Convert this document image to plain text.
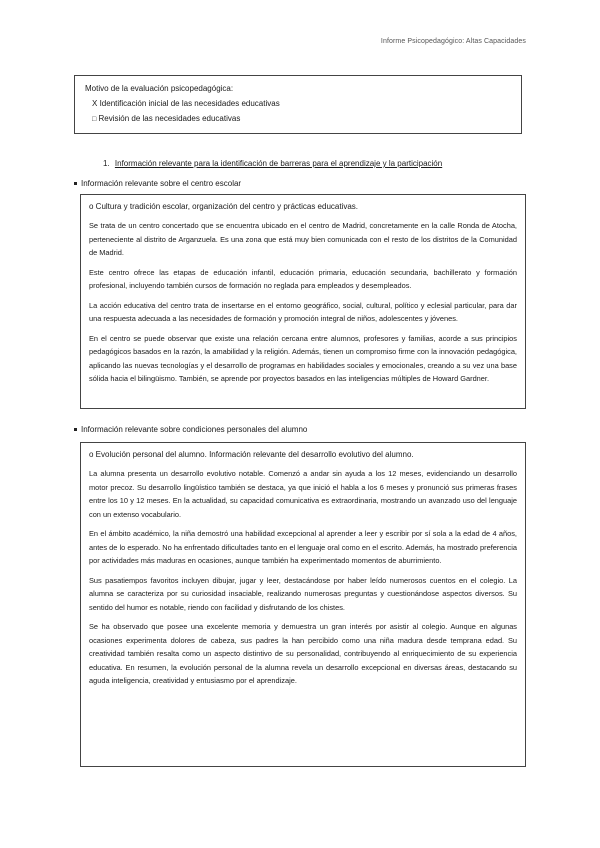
Informe Psicopedagógico: Altas Capacidades
Motivo de la evaluación psicopedagógica:
X Identificación inicial de las necesidades educativas
□ Revisión de las necesidades educativas
1. Información relevante para la identificación de barreras para el aprendizaje y la participación
Información relevante sobre el centro escolar
o Cultura y tradición escolar, organización del centro y prácticas educativas.

Se trata de un centro concertado que se encuentra ubicado en el centro de Madrid, concretamente en la calle Ronda de Atocha, perteneciente al distrito de Arganzuela. Es una zona que está muy bien comunicada con el resto de los distritos de la Comunidad de Madrid.

Este centro ofrece las etapas de educación infantil, educación primaria, educación secundaria, bachillerato y formación profesional, incluyendo también cursos de formación no reglada para empleados y desempleados.

La acción educativa del centro trata de insertarse en el entorno geográfico, social, cultural, político y eclesial particular, para dar una respuesta adecuada a las necesidades de formación y promoción integral de niños, adolescentes y jóvenes.

En el centro se puede observar que existe una relación cercana entre alumnos, profesores y familias, acorde a sus principios pedagógicos basados en la razón, la amabilidad y la religión. Además, tienen un compromiso firme con la innovación pedagógica, aplicando las nuevas tecnologías y el desarrollo de programas en habilidades sociales y emocionales, creando a su vez una base sólida hacia el bilingüismo. También, se aprende por proyectos basados en las inteligencias múltiples de Howard Gardner.

Información relevante sobre condiciones personales del alumno
o Evolución personal del alumno. Información relevante del desarrollo evolutivo del alumno.

La alumna presenta un desarrollo evolutivo notable. Comenzó a andar sin ayuda a los 12 meses, evidenciando un desarrollo motor precoz. Su desarrollo lingüístico también se destaca, ya que inició el habla a los 6 meses y pronunció sus primeras frases entre los 10 y 12 meses. En la actualidad, su capacidad comunicativa es extraordinaria, mostrando un avanzado uso del lenguaje con un extenso vocabulario.

En el ámbito académico, la niña demostró una habilidad excepcional al aprender a leer y escribir por sí sola a la edad de 4 años, antes de lo esperado. No ha enfrentado dificultades tanto en el lenguaje oral como en el escrito. Además, ha mostrado preferencia por actividades más maduras en ocasiones, aunque también ha experimentado momentos de aburrimiento.

Sus pasatiempos favoritos incluyen dibujar, jugar y leer, destacándose por haber leído numerosos cuentos en el colegio. La alumna se caracteriza por su curiosidad insaciable, realizando numerosas preguntas y cuestionándose aspectos diversos. Su sentido del humor es notable, riendo con facilidad y disfrutando de los chistes.

Se ha observado que posee una excelente memoria y demuestra un gran interés por asistir al colegio. Aunque en algunas ocasiones experimenta dolores de cabeza, sus padres la han percibido como una niña madura desde temprana edad. Su creatividad también resalta como un aspecto distintivo de su personalidad, contribuyendo al enriquecimiento de su experiencia educativa. En resumen, la evolución personal de la alumna revela un desarrollo excepcional en diversas áreas, destacando su aguda inteligencia, creatividad y entusiasmo por el aprendizaje.
